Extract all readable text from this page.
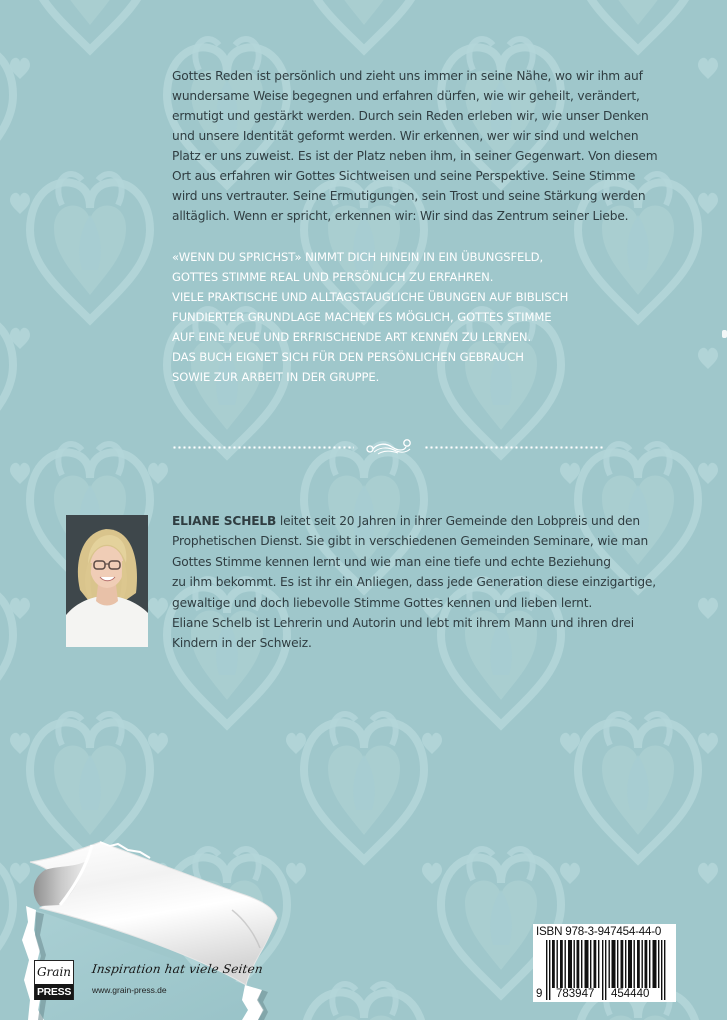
Gottes Reden ist persönlich und zieht uns immer in seine Nähe, wo wir ihm auf
wundersame Weise begegnen und erfahren dürfen, wie wir geheilt, verändert,
ermutigt und gestärkt werden. Durch sein Reden erleben wir, wie unser Denken
und unsere Identität geformt werden. Wir erkennen, wer wir sind und welchen
Platz er uns zuweist. Es ist der Platz neben ihm, in seiner Gegenwart. Von diesem
Ort aus erfahren wir Gottes Sichtweisen und seine Perspektive. Seine Stimme
wird uns vertrauter. Seine Ermutigungen, sein Trost und seine Stärkung werden
alltäglich. Wenn er spricht, erkennen wir: Wir sind das Zentrum seiner Liebe.
«WENN DU SPRICHST» NIMMT DICH HINEIN IN EIN ÜBUNGSFELD,
GOTTES STIMME REAL UND PERSÖNLICH ZU ERFAHREN.
VIELE PRAKTISCHE UND ALLTAGSTAUGLICHE ÜBUNGEN AUF BIBLISCH
FUNDIERTER GRUNDLAGE MACHEN ES MÖGLICH, GOTTES STIMME
AUF EINE NEUE UND ERFRISCHENDE ART KENNEN ZU LERNEN.
DAS BUCH EIGNET SICH FÜR DEN PERSÖNLICHEN GEBRAUCH
SOWIE ZUR ARBEIT IN DER GRUPPE.
ELIANE SCHELB leitet seit 20 Jahren in ihrer Gemeinde den Lobpreis und den
Prophetischen Dienst. Sie gibt in verschiedenen Gemeinden Seminare, wie man
Gottes Stimme kennen lernt und wie man eine tiefe und echte Beziehung
zu ihm bekommt. Es ist ihr ein Anliegen, dass jede Generation diese einzigartige,
gewaltige und doch liebevolle Stimme Gottes kennen und lieben lernt.
Eliane Schelb ist Lehrerin und Autorin und lebt mit ihrem Mann und ihren drei
Kindern in der Schweiz.
Grain
PRESS
Inspiration hat viele Seiten
www.grain-press.de
ISBN 978-3-947454-44-0
9 783947 454440
